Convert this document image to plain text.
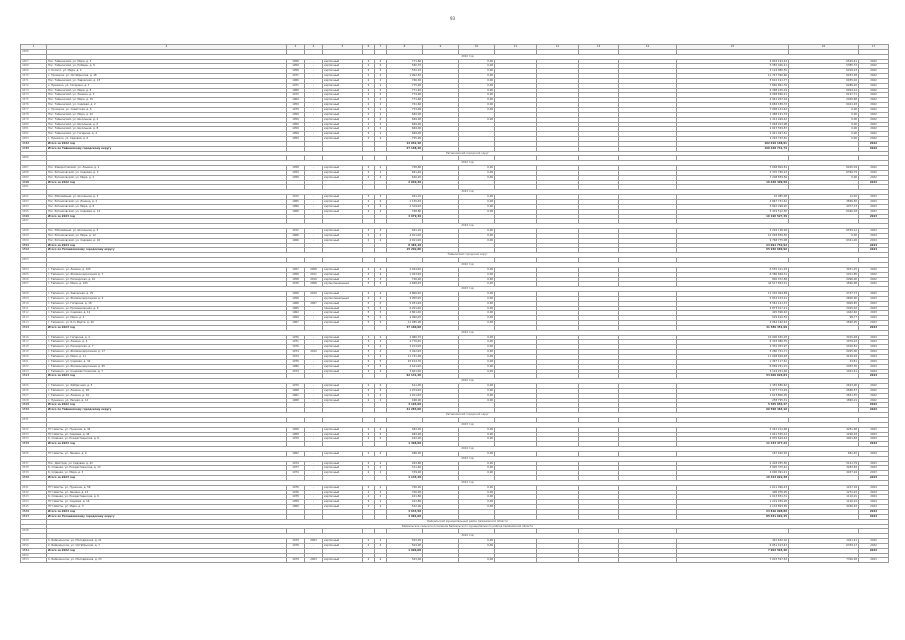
93
1	2	3	4	5	6	7	8	9	10	11	12	13	14	15	16	17
4466																
	2022 год															
4467	Пос. Тайнинский, ул. Мира, д. 3	1958	-	кирпичный	2	2	771,60		0,00					6 803 193,44	6529,41	2022
4468	Пос. Тайнинский, ул. Победы, д. 8	1959	-	кирпичный	2	2	560,70		0,00					5 382 046,21	5385,72	2022
4469	п. Космос, ул. Мира, д. 4	1958	-	кирпичный	2	2	552,10		0,00					5 124 980,55	6018,23	2022
4470	с. Троицкое, ул. Октябрьская, д. 18	1971	-	кирпичный	2	2	1 092,30		0,00					11 747 390,66	6453,28	2022
4471	Пос. Тайнинский, ул. Заводская, д. 23	1966	-	кирпичный	2	2	766,30		0,00					5 622 191,77	6455,02	2022
4472	с. Пушкино, ул. Гагарина, д. 7	1971	-	кирпичный	2	2	775,00		0,00					7 860 861,76	6286,40	2022
4473	Пос. Тайнинский, ул. Мира, д. 8	1968	-	кирпичный	2	2	771,40		0,00					6 388 415,19	6944,12	2022
4474	Пос. Тайнинский, ул. Ленина, д. 3	1972	-	кирпичный	2	2	774,00		0,00					6 098 826,21	6197,71	2022
4475	Пос. Тайнинский, ул. Мира, д. 15	1964	-	кирпичный	2	2	771,60		0,00					2 942 207,04	2026,68	2022
4476	Пос. Тайнинский, ул. Садовая, д. 2	1959	-	кирпичный	2	2	761,60		0,00					6 684 189,72	6441,93	2022
4477	с. Троицкое, ул. Советская, д. 5	1970	-	кирпичный	2	2	754,00		0,00					7 998 141,44	0,00	2022
4478	Пос. Тайнинский, ул. Мира, д. 22	1959	-	кирпичный	2	2	669,00							1 488 191,33	0,00	2022
4479	Пос. Тайнинский, ул. Школьная, д. 4	1959	-	кирпичный	2	2	669,00		0,00					1 412 499,42	0,00	2022
4480	Пос. Тайнинский, ул. Школьная, д. 6	1959	-	кирпичный	2	2	669,00							7 048 913,08	0,00	2022
4481	Пос. Тайнинский, ул. Школьная, д. 8	1959	-	кирпичный	2	2	669,00							2 047 559,87	0,00	2022
4482	Пос. Тайнинский, ул. Гагарина, д. 4	1959	-	кирпичный	2	2	669,00							2 421 027,61	0,00	2022
4483	с. Пушкино, ул. Садовая, д. 6	1959	-	кирпичный	2	2	755,00							2 293 743,81	0,00	2022
4484	Итого за 2022 год						14 052,40							102 019 168,91		2022
4485	Итого по Тайнинскому городскому округу						27 168,40							190 448 731,74		2022
	Ратниковский городской округ															
4486																
	2022 год															
4487	Пос. Фаворитовский, ул. Ленина, д. 1	1958	-	кирпичный	2	2	708,80		0,00					7 068 809,81	6200,04	2022
4488	Пос. Ратниковский, ул. Садовая, д. 3	1959	-	кирпичный	2	2	691,40		0,00					2 370 760,22	6399,79	2022
4489	Пос. Ратниковский, ул. Мира, д. 2	1958	-	кирпичный	2	2	640,20		0,00					7 208 839,56	0,00	2022
4490	Итого за 2022 год						2 040,40							16 648 409,59		2022
4491																
	2023 год															
4492	Пос. Юбилейный, ул. Школьная, д. 3	1972	-	кирпичный	3	3	461,10		0,00					16 985,08	12,46	2023
4493	Пос. Ратниковский, ул. Ленина, д. 2	1965	-	кирпичный	2	2	1 130,40		0,00					4 867 731,61	3836,50	2023
4494	Пос. Ратниковский, ул. Мира, д. 8	1966	-	кирпичный	2	2	2 319,00		0,00					5 892 298,20	4077,13	2023
4495	Пос. Ратниковский, ул. Садовая, д. 14	1966	-	кирпичный	2	2	768,80		0,00					5 419 512,50	6046,18	2023
4496	Итого за 2023 год						4 679,30							16 196 527,39		2023
4497																
	2024 год															
4498	Пос. Юбилейный, ул. Школьная, д. 5	1972	-	кирпичный	3	3	461,10		0,00					3 294 138,28	6559,12	2024
4499	Пос. Ратниковский, ул. Мира, д. 12	1966	-	кирпичный	2	2	4 011,00		0,00					10 028 839,56	0,00	2024
4500	Пос. Ратниковский, ул. Садовая, д. 16	1966	-	кирпичный	2	2	4 011,00		0,00					9 768 775,08	6341,26	2024
4501	Итого за 2024 год						8 483,10							23 091 752,92		2024
4502	Итого по Ратниковскому городскому округу						15 202,80							55 936 689,90		2024
	Тайнинский городской округ															
4503																
	2022 год															
4504	г. Тайнинск, ул. Ленина, д. 105	1957	2008	кирпичный	4	4	2 944,00		0,00					6 555 101,93	3031,25	2022
4505	г. Тайнинск, ул. Железнодорожная, д. 7	1956	2011	кирпичный	4	4	1 043,00		0,00					6 380 669,31	2011,85	2022
4506	г. Тайнинск, ул. Пионерская, д. 10	1958	2010	кирпичный	3	3	726,00		0,00					800 072,89	2096,00	2022
4507	г. Тайнинск, ул. Мира, д. 105	1976	2008	крупнопанельный	5	5	4 698,20		0,00					44 517 843,01	1826,98	2022
	2023 год															
4508	г. Тайнинск, ул. Заводская, д. 25	1958	2010	кирпичный	4	4	2 866,00		0,00					11 310 004,89	2747,73	2023
4509	г. Тайнинск, ул. Железнодорожная, д. 9	1956	-	крупнопанельный	4	4	4 050,00		0,00					2 834 103,21	2606,90	2023
4510	г. Тайнинск, ул. Гагарина, д. 18	1968	2007	кирпичный	5	5	5 931,00		0,00					8 561 121,31	3009,65	2023
4511	г. Тайнинск, ул. Промышленная, д. 6	1965	-	панельный	5	5	6 291,00		0,00					4 873 417,21	2025,02	2023
4512	г. Тайнинск, ул. Садовая, д. 12	1962	-	кирпичный	5	5	2 861,00		0,00					405 696,92	1042,46	2023
4513	г. Тайнинск, ул. Мира, д. 2	1969	-	кирпичный	5	5	4 096,00		0,00					529 610,59	98,77	2023
4514	г. Тайнинск, ул. 8-го Марта, д. 40	1967	-	кирпичный	5	5	11 085,00		0,00					2 964 162,42	2690,95	2023
4515	Итого за 2023 год						37 180,00							31 389 451,99		2023
	2024 год															
4516	г. Тайнинск, ул. Гагарина, д. 2	1976	-	кирпичный	3	4	4 086,70		0,00					10 000 635,03	3015,48	2024
4517	г. Тайнинск, ул. Ленина, д. 4	1971	-	кирпичный	3	4	4 776,00		0,00					6 303 086,35	1979,22	2024
4518	г. Тайнинск, ул. Пионерская, д. 7	1976	-	кирпичный	3	4	3 014,00		0,00					4 301 053,97	2010,81	2024
4519	г. Тайнинск, ул. Железнодорожная, д. 17	1974	2012	кирпичный	3	4	5 042,00		0,00					5 280 741,71	2045,00	2024
4520	г. Тайнинск, ул. Мира, д. 11	1974	-	кирпичный	3	4	11 741,00		0,00					11 008 628,48	4109,94	2024
4521	г. Тайнинск, ул. Садовая, д. 34	1976	-	кирпичный	5	5	25 614,70		0,00					1 467 117,61	43,81	2024
4522	г. Тайнинск, ул. Железнодорожная, д. 65	1980	-	кирпичный	5	5	4 421,00		0,00					6 069 291,01	2053,30	2024
4523	г. Тайнинск, ул. Социалистическая, д. 7	1974	-	кирпичный	3	4	3 461,00		0,00					3 124 241,00	1021,41	2024
4524	Итого за 2024 год						62 141,40							54 609 026,84		2024
	2022 год															
4525	г. Тайнинск, ул. Фабричная, д. 3	1970	-	кирпичный	2	2	611,00		0,00					1 355 680,62	2623,00	2022
4526	г. Тайнинск, ул. Ленина, д. 28	1968	-	кирпичный	2	2	1 074,00		0,00					2 077 772,49	2696,57	2022
4527	г. Тайнинск, ул. Ленина, д. 32	1961	-	кирпичный	2	2	1 011,00		0,00					1 613 806,05	2651,55	2022
4528	с. Пушкино, ул. Лесная, д. 12	1968	-	кирпичный	2	2	498,00		0,00					258 795,31	1860,21	2022
4529	Итого за 2022 год						3 194,00							5 305 054,47		2022
4530	Итого по Тайнинскому городскому округу						41 283,00							90 598 483,10		2022
	Ратниковский городской округ															
4531																
	2023 год															
4532	Пгт Шахты, ул. Пушкина, д. 44	1958	-	кирпичный	2	2	483,00		0,00					5 342 212,66	4281,68	2023
4533	Пгт Шахты, ул. Садовая, д. 46	1958	-	кирпичный	2	2	483,00		0,00					1 021 535,12	1246,03	2023
4534	К. Славная, ул. Рождественская, д. 8	1979	-	кирпичный	2	2	432,00		0,00					4 970 629,44	4001,84	2023
4535	Итого за 2023 год						1 398,00							11 334 377,22		2023
	2024 год															
4536	Пгт Шахты, ул. Ленина, д. 9	1962	-	кирпичный	2	2	486,00		0,00					187 620,92	681,45	2024
	2023 год															
4537	Пос. Дмитров, ул. Садовая, д. 22	1974	-	кирпичный	2	2	454,80		0,00					2 418 455,56	5141,79	2023
4538	К. Славная, ул. Рождественская, д. 13	1973	-	кирпичный	2	2	311,60		0,00					3 905 375,61	3283,84	2023
4539	К. Славная, ул. Мира, д. 3	1974	-	кирпичный	2	2	379,00		0,00					4 000 091,21	4457,24	2023
4540	Итого за 2023 год						1 145,40							10 323 922,38		2023
	2024 год															
4541	Пгт Шахты, ул. Пушкина, д. 58	1976	-	кирпичный	2	2	700,00		0,00					1 611 096,43	1227,18	2024
4542	Пгт Шахты, ул. Ленина, д. 13	1976	-	кирпичный	2	2	700,00		0,00					400 976,05	1272,22	2024
4543	К. Славная, ул. Рождественская, д. 6	1978	-	кирпичный	2	2	421,80		0,00					1 013 831,31	1110,01	2024
4544	Пгт Шахты, ул. Садовая, д. 16	1958	-	кирпичный	2	2	421,80		0,00					1 219 930,00	1120,01	2024
4545	Пгт Шахты, ул. Мира, д. 3	1960	-	кирпичный	2	2	532,00		0,00					2 134 893,65	4036,63	2024
4546	Итого за 2024 год						3 643,50							23 810 098,86		2024
4547	Итого по Ратниковскому городскому округу						3 981,00							85 631 692,35		2024
	Байкальский муниципальный район Семёновской области															
	Байкальское сельское поселение Байкальского муниципального района Семёновской области															
4548																
	2022 год															
4549	С. Байкальское, ул. Молодёжная, д. 21	1979	2003	кирпичный	2	2	503,00		0,00					491 630,16	1021,41	2022
4550	С. Байкальское, ул. Октябрьская, д. 7	1978	-	кирпичный	2	2	503,00		0,00					6 051 413,43	6339,17	2022
4551	Итого за 2022 год						1 006,00							7 003 594,38		2022
4552																
4553	С. Байкальское, ул. Молодёжная, д. 23	1979	2003	кирпичный	2	2	503,00		0,00					7 003 597,63	7346,28	2023
